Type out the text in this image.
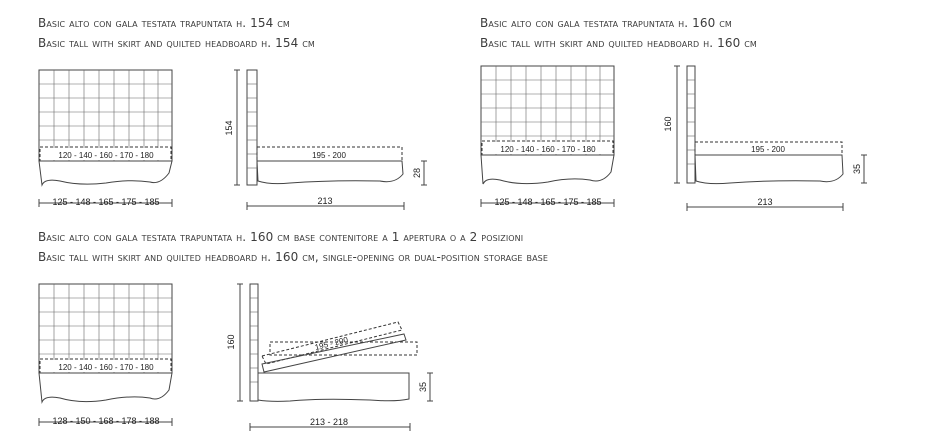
Basic alto con gala testata trapuntata h. 154 cm
Basic tall with skirt and quilted headboard h. 154 cm
Basic alto con gala testata trapuntata h. 160 cm
Basic tall with skirt and quilted headboard h. 160 cm
Basic alto con gala testata trapuntata h. 160 cm base contenitore a 1 apertura o a 2 posizioni
Basic tall with skirt and quilted headboard h. 160 cm, single-opening or dual-position storage base
120 - 140 - 160 - 170 - 180
125 - 148 - 165 - 175 - 185
195 - 200
154
28
213
120 - 140 - 160 - 170 - 180
125 - 148 - 165 - 175 - 185
195 - 200
160
35
213
120 - 140 - 160 - 170 - 180
128 - 150 - 168 - 178 - 188
195 - 200
160
35
213 - 218
